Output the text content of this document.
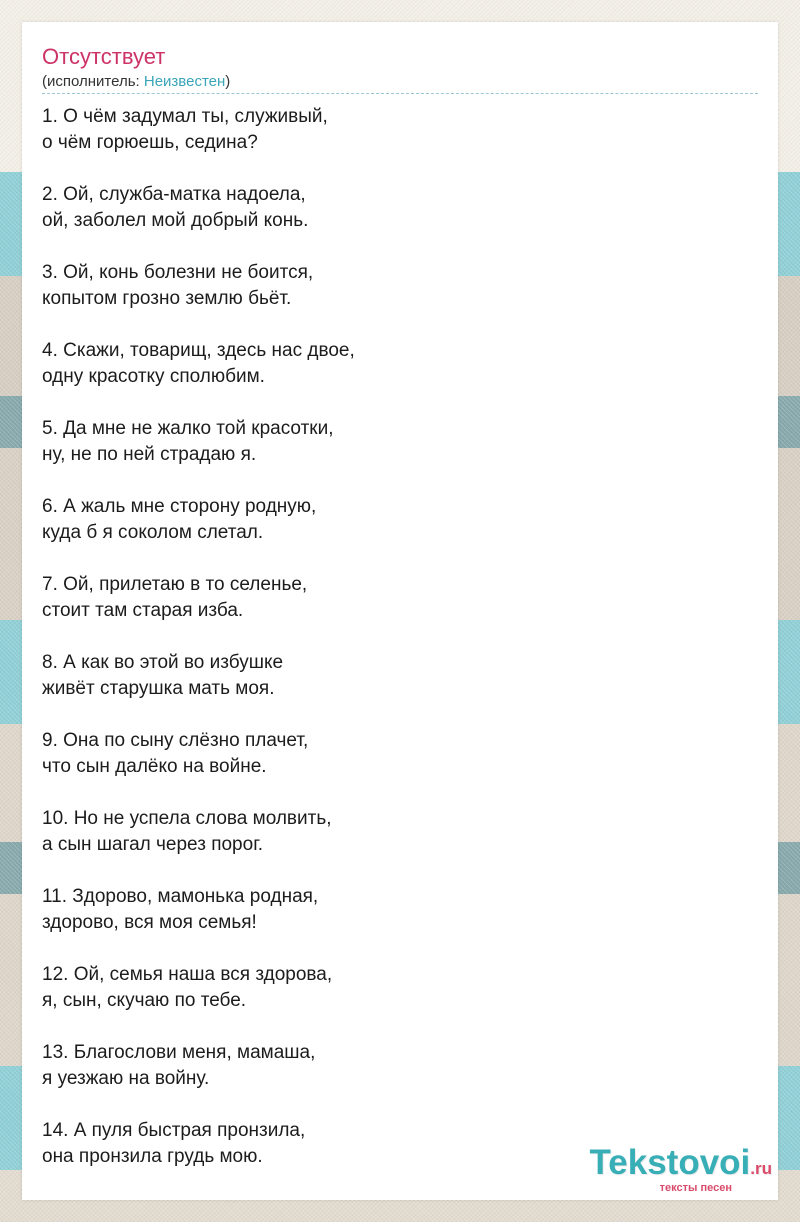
Отсутствует
(исполнитель: Неизвестен)
1. О чём задумал ты, служивый,
о чём горюешь, седина?
2. Ой, служба-матка надоела,
ой, заболел мой добрый конь.
3. Ой, конь болезни не боится,
копытом грозно землю бьёт.
4. Скажи, товарищ, здесь нас двое,
одну красотку сполюбим.
5. Да мне не жалко той красотки,
ну, не по ней страдаю я.
6. А жаль мне сторону родную,
куда б я соколом слетал.
7. Ой, прилетаю в то селенье,
стоит там старая изба.
8. А как во этой во избушке
живёт старушка мать моя.
9. Она по сыну слёзно плачет,
что сын далёко на войне.
10. Но не успела слова молвить,
а сын шагал через порог.
11. Здорово, мамонька родная,
здорово, вся моя семья!
12. Ой, семья наша вся здорова,
я, сын, скучаю по тебе.
13. Благослови меня, мамаша,
я уезжаю на войну.
14. А пуля быстрая пронзила,
она пронзила грудь мою.	Tekstovoi.ru
тексты песен
